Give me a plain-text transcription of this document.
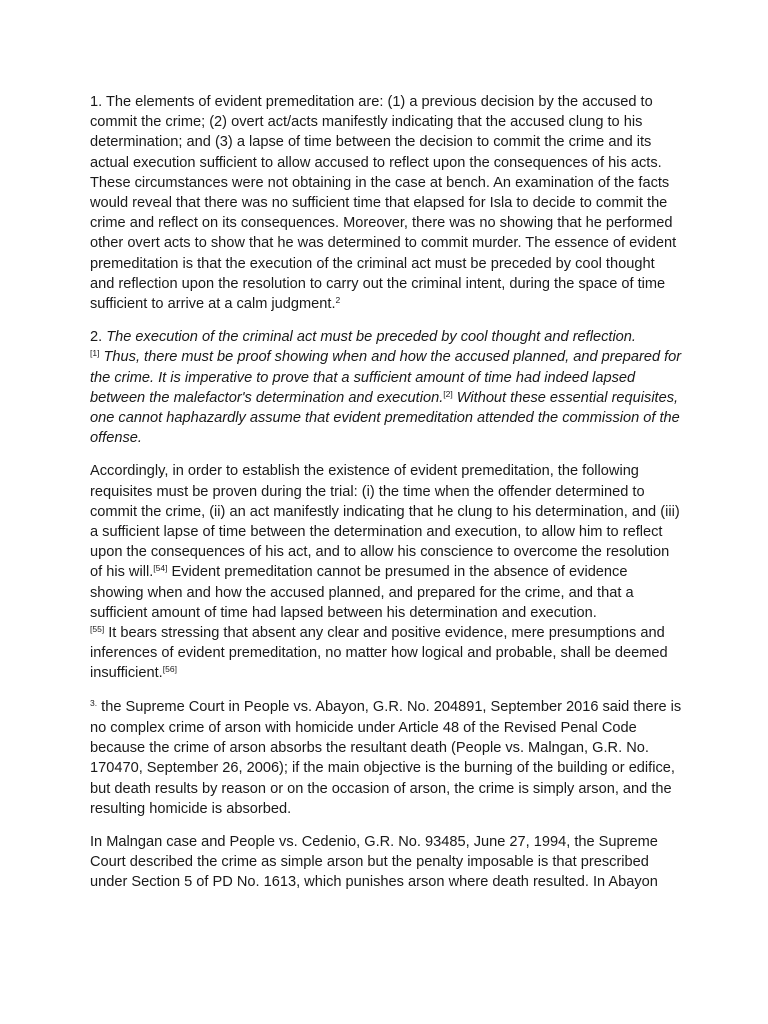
1. The elements of evident premeditation are: (1) a previous decision by the accused to commit the crime; (2) overt act/acts manifestly indicating that the accused clung to his determination; and (3) a lapse of time between the decision to commit the crime and its actual execution sufficient to allow accused to reflect upon the consequences of his acts. These circumstances were not obtaining in the case at bench. An examination of the facts would reveal that there was no sufficient time that elapsed for Isla to decide to commit the crime and reflect on its consequences. Moreover, there was no showing that he performed other overt acts to show that he was determined to commit murder. The essence of evident premeditation is that the execution of the criminal act must be preceded by cool thought and reflection upon the resolution to carry out the criminal intent, during the space of time sufficient to arrive at a calm judgment.$^2$

2. The execution of the criminal act must be preceded by cool thought and reflection.
[1] Thus, there must be proof showing when and how the accused planned, and prepared for the crime. It is imperative to prove that a sufficient amount of time had indeed lapsed between the malefactor's determination and execution.[2] Without these essential requisites, one cannot haphazardly assume that evident premeditation attended the commission of the offense.

Accordingly, in order to establish the existence of evident premeditation, the following requisites must be proven during the trial: (i) the time when the offender determined to commit the crime, (ii) an act manifestly indicating that he clung to his determination, and (iii) a sufficient lapse of time between the determination and execution, to allow him to reflect upon the consequences of his act, and to allow his conscience to overcome the resolution of his will.[54] Evident premeditation cannot be presumed in the absence of evidence showing when and how the accused planned, and prepared for the crime, and that a sufficient amount of time had lapsed between his determination and execution.
[55] It bears stressing that absent any clear and positive evidence, mere presumptions and inferences of evident premeditation, no matter how logical and probable, shall be deemed insufficient.[56]

$^{3.}$ the Supreme Court in People vs. Abayon, G.R. No. 204891, September 2016 said there is no complex crime of arson with homicide under Article 48 of the Revised Penal Code because the crime of arson absorbs the resultant death (People vs. Malngan, G.R. No. 170470, September 26, 2006); if the main objective is the burning of the building or edifice, but death results by reason or on the occasion of arson, the crime is simply arson, and the resulting homicide is absorbed.

In Malngan case and People vs. Cedenio, G.R. No. 93485, June 27, 1994, the Supreme Court described the crime as simple arson but the penalty imposable is that prescribed under Section 5 of PD No. 1613, which punishes arson where death resulted. In Abayon
